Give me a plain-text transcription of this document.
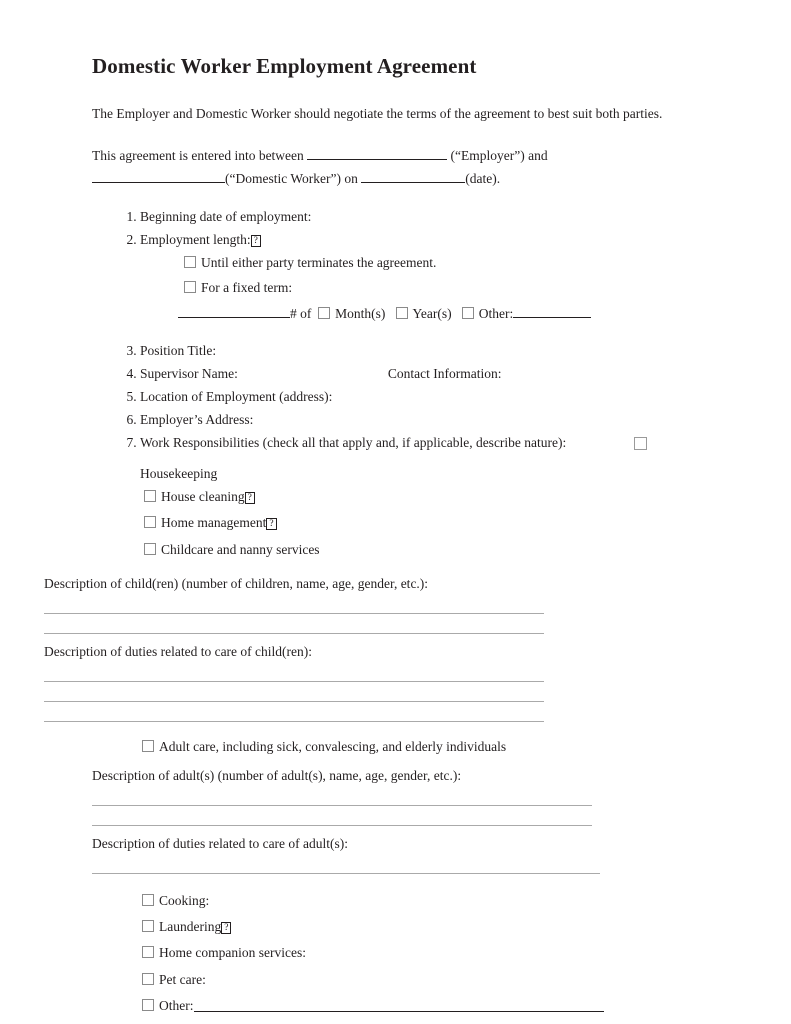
Domestic Worker Employment Agreement

The Employer and Domestic Worker should negotiate the terms of the agreement to best suit both parties.

This agreement is entered into between	(“Employer”) and
(“Domestic Worker”) on	(date).
1. Beginning date of employment:
2. Employment length: ?
Until either party terminates the agreement.
For a fixed term:
# of Month(s) Year(s) Other:
3. Position Title:
4. Supervisor Name:	Contact Information:
5. Location of Employment (address):
6. Employer’s Address:
7. Work Responsibilities (check all that apply and, if applicable, describe nature):
Housekeeping
House cleaning ?
Home management ?
Childcare and nanny services
Description of child(ren) (number of children, name, age, gender, etc.):
Description of duties related to care of child(ren):
Adult care, including sick, convalescing, and elderly individuals
Description of adult(s) (number of adult(s), name, age, gender, etc.):
Description of duties related to care of adult(s):
Cooking:
Laundering ?
Home companion services:
Pet care:
Other:
